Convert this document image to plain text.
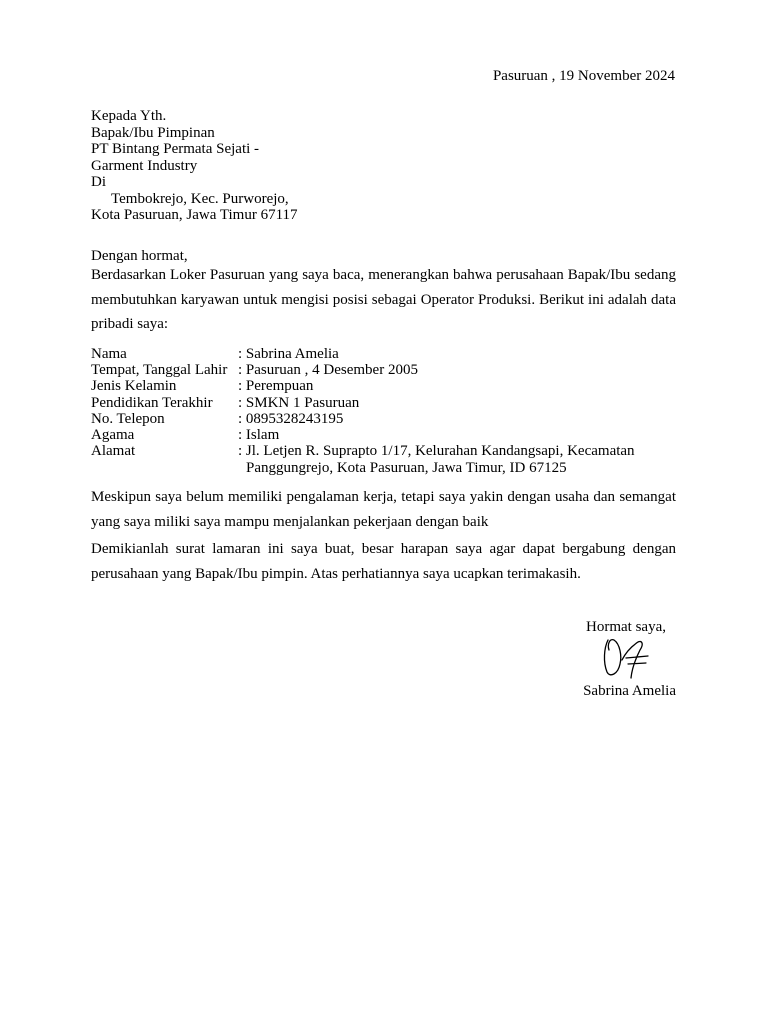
Pasuruan , 19 November 2024
Kepada Yth.
Bapak/Ibu Pimpinan
PT Bintang Permata Sejati -
Garment Industry
Di
Tembokrejo, Kec. Purworejo,
Kota Pasuruan, Jawa Timur 67117
Dengan hormat,
Berdasarkan Loker Pasuruan yang saya baca, menerangkan bahwa perusahaan Bapak/Ibu sedang membutuhkan karyawan untuk mengisi posisi sebagai Operator Produksi. Berikut ini adalah data pribadi saya:
Nama	: Sabrina Amelia
Tempat, Tanggal Lahir : Pasuruan , 4 Desember 2005
Jenis Kelamin	: Perempuan
Pendidikan Terakhir	: SMKN 1 Pasuruan
No. Telepon	: 0895328243195
Agama	: Islam
Alamat	: Jl. Letjen R. Suprapto 1/17, Kelurahan Kandangsapi, Kecamatan
Panggungrejo, Kota Pasuruan, Jawa Timur, ID 67125
Meskipun saya belum memiliki pengalaman kerja, tetapi saya yakin dengan usaha dan semangat yang saya miliki saya mampu menjalankan pekerjaan dengan baik
Demikianlah surat lamaran ini saya buat, besar harapan saya agar dapat bergabung dengan perusahaan yang Bapak/Ibu pimpin. Atas perhatiannya saya ucapkan terimakasih.
Hormat saya,
Sabrina Amelia
